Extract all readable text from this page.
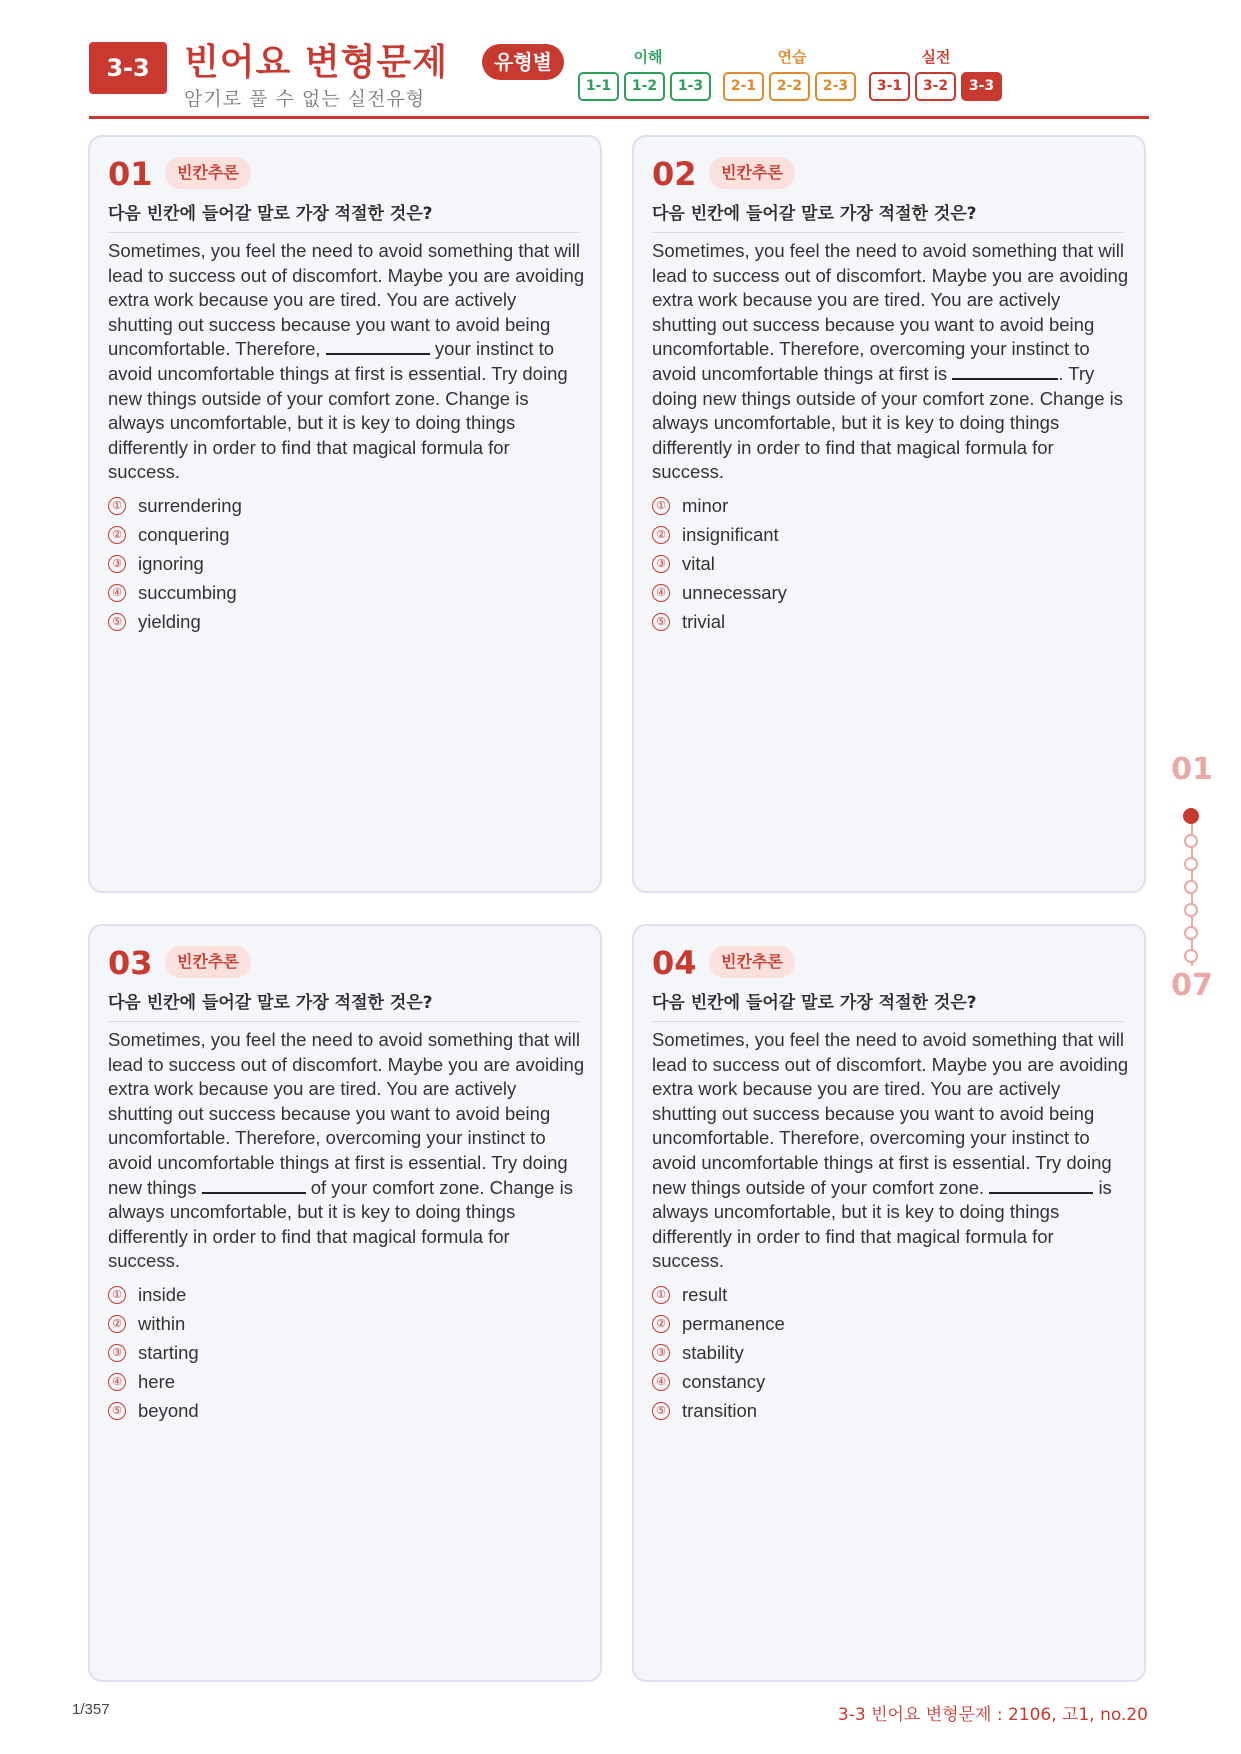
3-3 빈어요 변형문제	유형별
암기로 풀 수 없는 실전유형
이해
1-1	1-2	1-3
연습
2-1	2-2	2-3
실전
3-1	3-2	3-3
01	빈칸추론
다음 빈칸에 들어갈 말로 가장 적절한 것은?
Sometimes, you feel the need to avoid something that will lead to success out of discomfort. Maybe you are avoiding extra work because you are tired. You are actively shutting out success because you want to avoid being uncomfortable. Therefore,	your instinct to avoid uncomfortable things at first is essential. Try doing new things outside of your comfort zone. Change is always uncomfortable, but it is key to doing things differently in order to find that magical formula for success.
① surrendering
② conquering
③ ignoring
④ succumbing
⑤ yielding
02	빈칸추론
다음 빈칸에 들어갈 말로 가장 적절한 것은?
Sometimes, you feel the need to avoid something that will lead to success out of discomfort. Maybe you are avoiding extra work because you are tired. You are actively shutting out success because you want to avoid being uncomfortable. Therefore, overcoming your instinct to avoid uncomfortable things at first is	. Try doing new things outside of your comfort zone. Change is always uncomfortable, but it is key to doing things differently in order to find that magical formula for success.
① minor
② insignificant
③ vital
④ unnecessary
⑤ trivial
03	빈칸추론
다음 빈칸에 들어갈 말로 가장 적절한 것은?
Sometimes, you feel the need to avoid something that will lead to success out of discomfort. Maybe you are avoiding extra work because you are tired. You are actively shutting out success because you want to avoid being uncomfortable. Therefore, overcoming your instinct to avoid uncomfortable things at first is essential. Try doing new things	of your comfort zone. Change is always uncomfortable, but it is key to doing things differently in order to find that magical formula for success.
① inside
② within
③ starting
④ here
⑤ beyond
04	빈칸추론
다음 빈칸에 들어갈 말로 가장 적절한 것은?
Sometimes, you feel the need to avoid something that will lead to success out of discomfort. Maybe you are avoiding extra work because you are tired. You are actively shutting out success because you want to avoid being uncomfortable. Therefore, overcoming your instinct to avoid uncomfortable things at first is essential. Try doing new things outside of your comfort zone.	is always uncomfortable, but it is key to doing things differently in order to find that magical formula for success.
① result
② permanence
③ stability
④ constancy
⑤ transition
01
07
1/357	3-3 빈어요 변형문제 : 2106, 고1, no.20
